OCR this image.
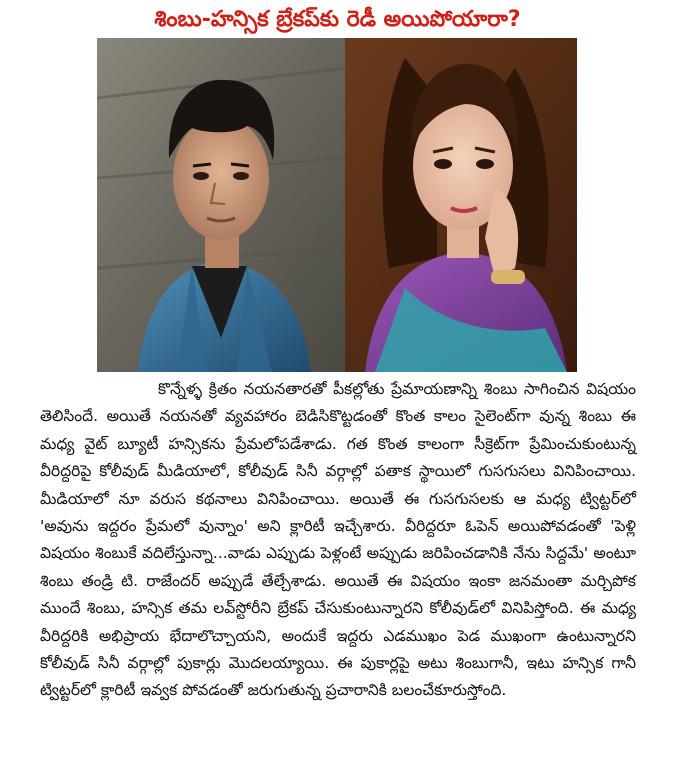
శింబు-హన్సిక బ్రేకప్‌కు రెడీ అయిపోయారా?
కొన్నేళ్ళ క్రితం నయనతారతో పీకల్లోతు ప్రేమాయణాన్ని శింబు సాగించిన విషయం తెలిసిందే. అయితే నయనతో వ్యవహారం బెడిసికొట్టడంతో కొంత కాలం సైలెంట్‌గా వున్న శింబు ఈ మధ్య వైట్ బ్యూటీ హన్సికను ప్రేమలోపడేశాడు. గత కొంత కాలంగా సీక్రెట్‌గా ప్రేమించుకుంటున్న వీరిద్దరిపై కోలీవుడ్ మీడియాలో, కోలీవుడ్ సినీ వర్గాల్లో పతాక స్థాయిలో గుసగుసలు వినిపించాయి. మీడియాలో నూ వరుస కథనాలు వినిపించాయి. అయితే ఈ గుసగుసలకు ఆ మధ్య ట్విట్టర్‌లో 'అవును ఇద్దరం ప్రేమలో వున్నాం' అని క్లారిటీ ఇచ్చేశారు. వీరిద్దరూ ఓపెన్ అయిపోవడంతో 'పెళ్లి విషయం శింబుకే వదిలేస్తున్నా...వాడు ఎప్పుడు పెళ్లంటే అప్పుడు జరిపించడానికి నేను సిద్దమే' అంటూ శింబు తండ్రి టి. రాజేందర్ అప్పుడే తేల్చేశాడు. అయితే ఈ విషయం ఇంకా జనమంతా మర్చిపోక ముందే శింబు, హన్సిక తమ లవ్‌స్టోరీని బ్రేకప్ చేసుకుంటున్నారని కోలీవుడ్‌లో వినిపిస్తోంది. ఈ మధ్య వీరిద్దరికి అభిప్రాయ భేదాలొచ్చాయని, అందుకే ఇద్దరు ఎడముఖం పెడ ముఖంగా ఉంటున్నారని కోలీవుడ్ సినీ వర్గాల్లో పుకార్లు మొదలయ్యాయి. ఈ పుకార్లపై అటు శింబుగానీ, ఇటు హన్సిక గానీ ట్విట్టర్‌లో క్లారిటీ ఇవ్వక పోవడంతో జరుగుతున్న ప్రచారానికి బలంచేకూరుస్తోంది.
